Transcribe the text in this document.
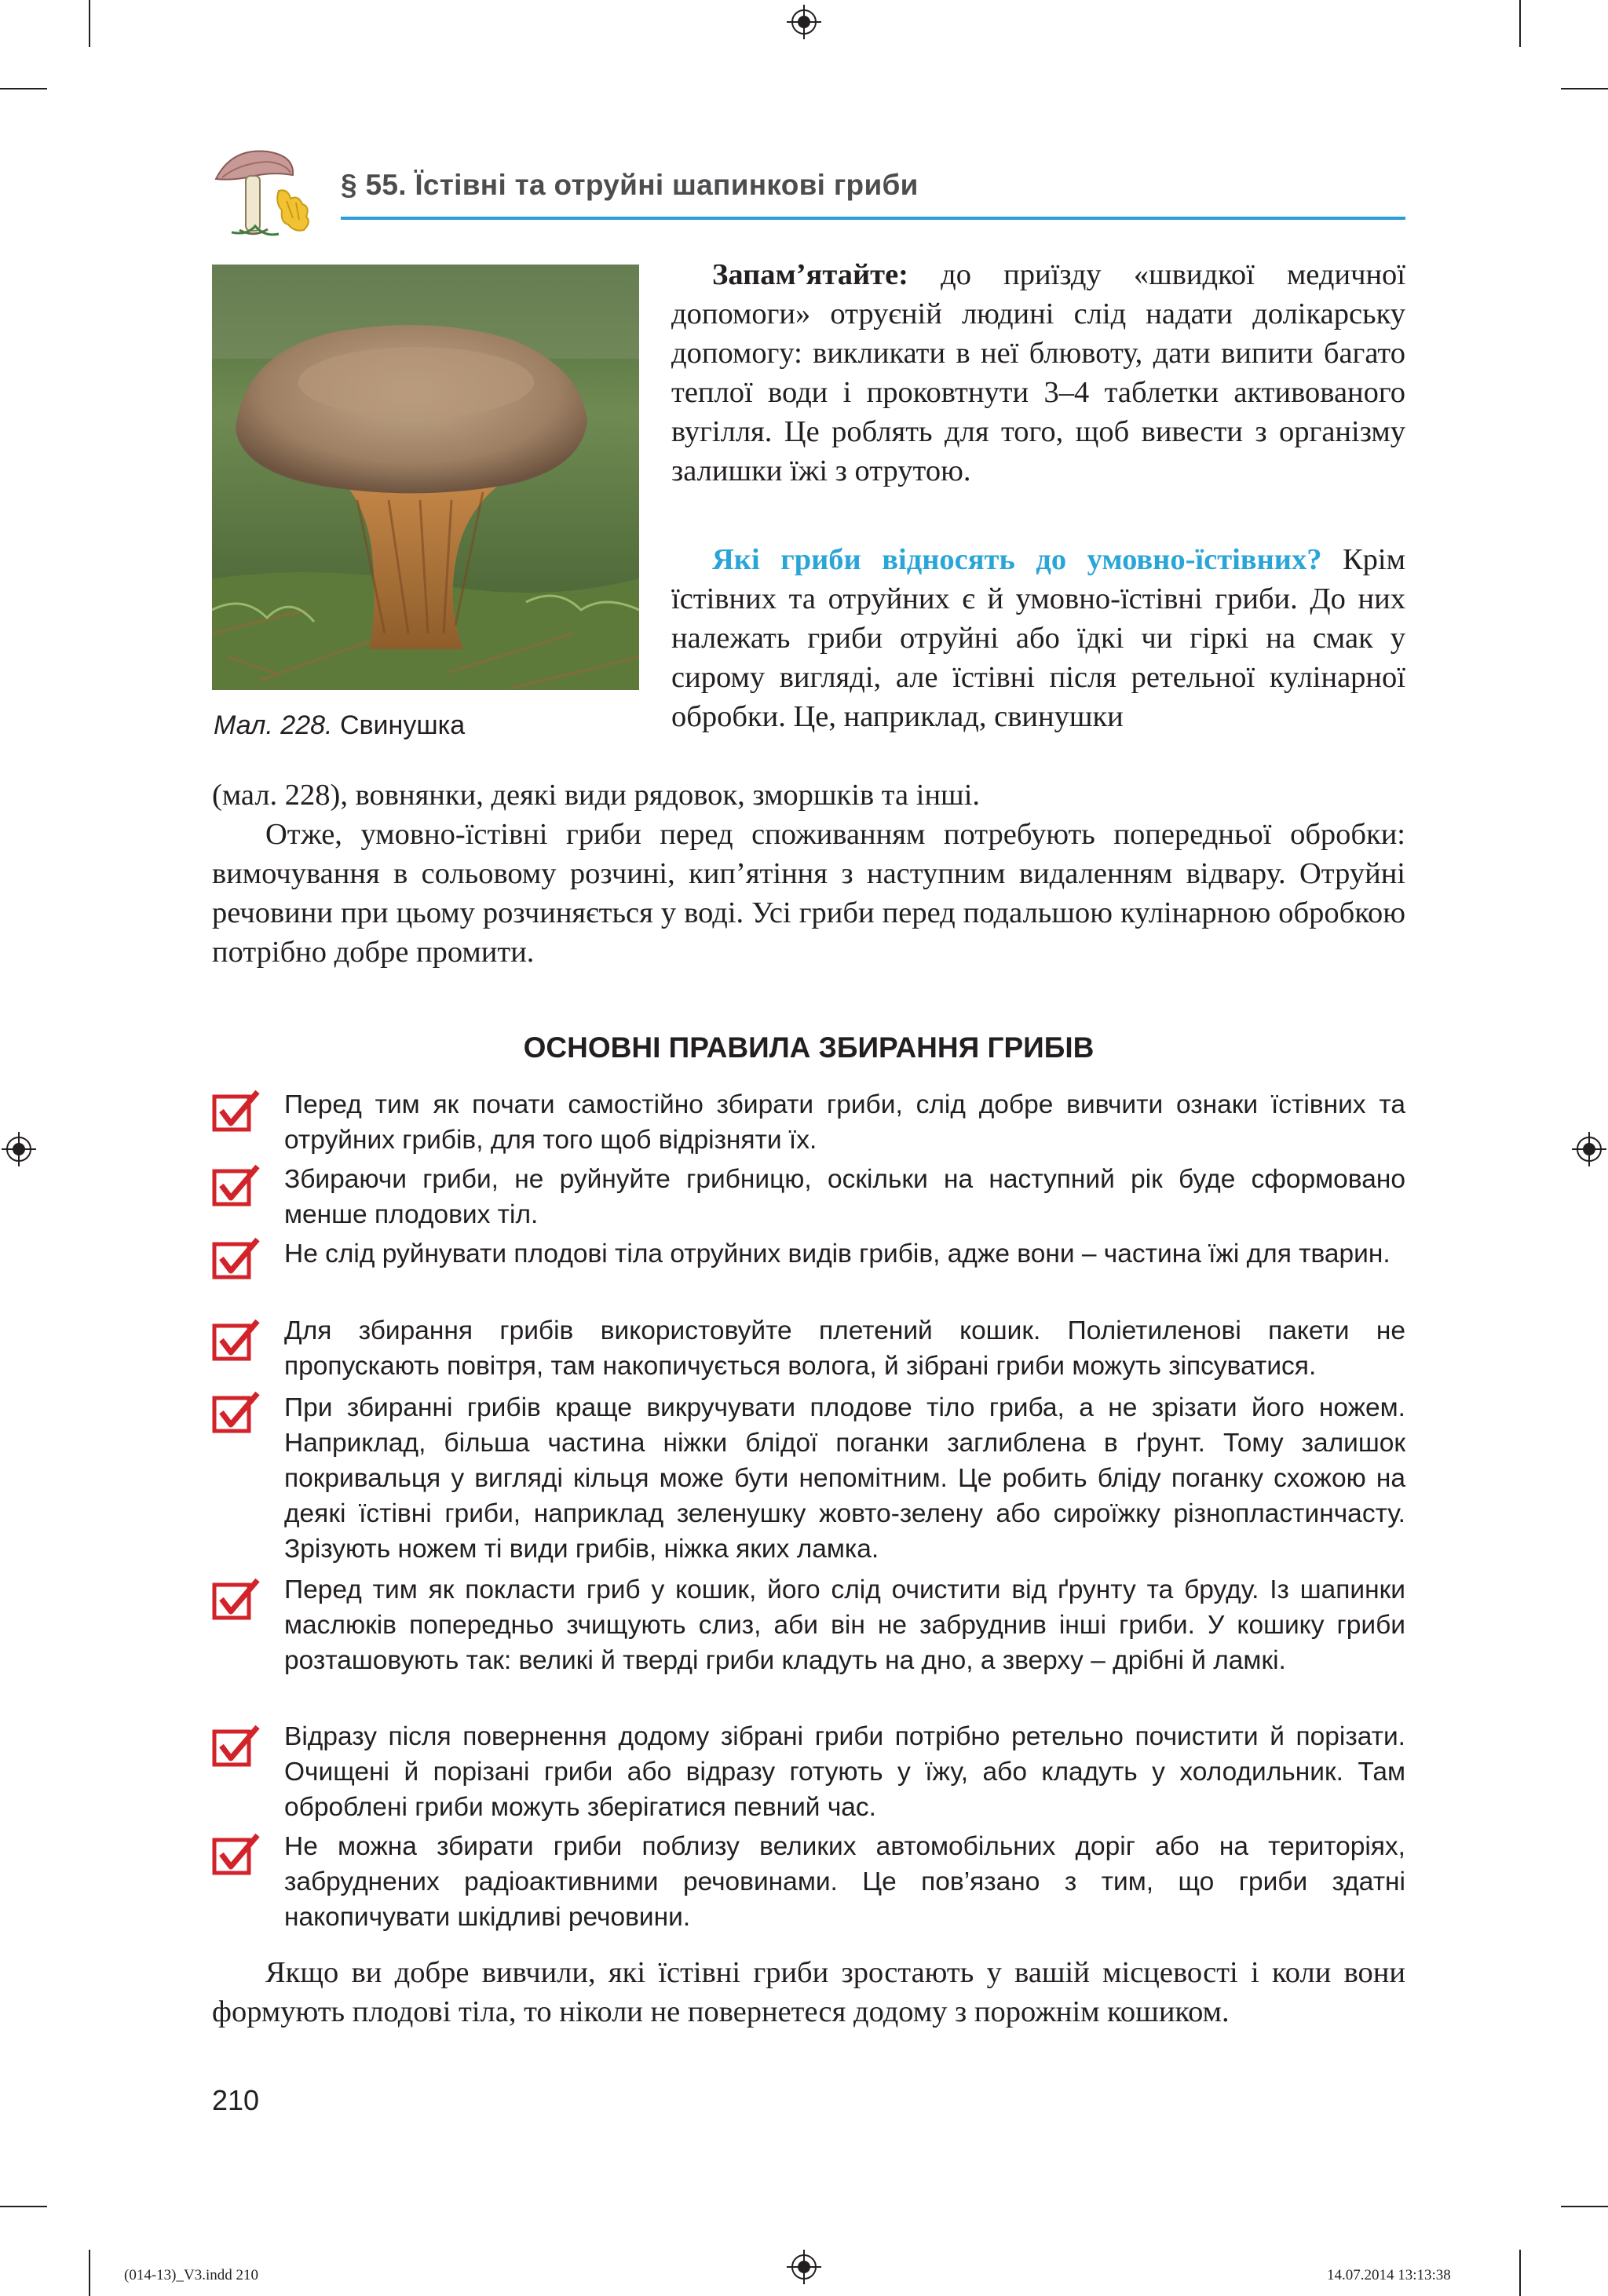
§ 55. Їстівні та отруйні шапинкові гриби
Мал. 228. Свинушка
Запам’ятайте: до приїзду «швидкої медичної допомоги» отруєній людині слід надати долікарську допомогу: викликати в неї блювоту, дати випити багато теплої води і проковтнути 3–4 таблетки активованого вугілля. Це роблять для того, щоб вивести з організму залишки їжі з отрутою.
Які гриби відносять до умовно-їстівних? Крім їстівних та отруйних є й умовно-їстівні гриби. До них належать гриби отруйні або їдкі чи гіркі на смак у сирому вигляді, але їстівні після ретельної кулінарної обробки. Це, наприклад, свинушки
(мал. 228), вовнянки, деякі види рядовок, зморшків та інші.
Отже, умовно-їстівні гриби перед споживанням потребують попередньої обробки: вимочування в сольовому розчині, кип’ятіння з наступним видаленням відвару. Отруйні речовини при цьому розчиняється у воді. Усі гриби перед подальшою кулінарною обробкою потрібно добре промити.
ОСНОВНІ ПРАВИЛА ЗБИРАННЯ ГРИБІВ
Перед тим як почати самостійно збирати гриби, слід добре вивчити ознаки їстівних та отруйних грибів, для того щоб відрізняти їх.
Збираючи гриби, не руйнуйте грибницю, оскільки на наступний рік буде сформовано менше плодових тіл.
Не слід руйнувати плодові тіла отруйних видів грибів, адже вони – частина їжі для тварин.
Для збирання грибів використовуйте плетений кошик. Поліетиленові пакети не пропускають повітря, там накопичується волога, й зібрані гриби можуть зіпсуватися.
При збиранні грибів краще викручувати плодове тіло гриба, а не зрізати його ножем. Наприклад, більша частина ніжки блідої поганки заглиблена в ґрунт. Тому залишок покривальця у вигляді кільця може бути непомітним. Це робить бліду поганку схожою на деякі їстівні гриби, наприклад зеленушку жовто-зелену або сироїжку різнопластинчасту. Зрізують ножем ті види грибів, ніжка яких ламка.
Перед тим як покласти гриб у кошик, його слід очистити від ґрунту та бруду. Із шапинки маслюків попередньо зчищують слиз, аби він не забруднив інші гриби. У кошику гриби розташовують так: великі й тверді гриби кладуть на дно, а зверху – дрібні й ламкі.
Відразу після повернення додому зібрані гриби потрібно ретельно почистити й порізати. Очищені й порізані гриби або відразу готують у їжу, або кладуть у холодильник. Там оброблені гриби можуть зберігатися певний час.
Не можна збирати гриби поблизу великих автомобільних доріг або на територіях, забруднених радіоактивними речовинами. Це пов’язано з тим, що гриби здатні накопичувати шкідливі речовини.
Якщо ви добре вивчили, які їстівні гриби зростають у вашій місцевості і коли вони формують плодові тіла, то ніколи не повернетеся додому з порожнім кошиком.
210
(014-13)_V3.indd 210	14.07.2014 13:13:38
